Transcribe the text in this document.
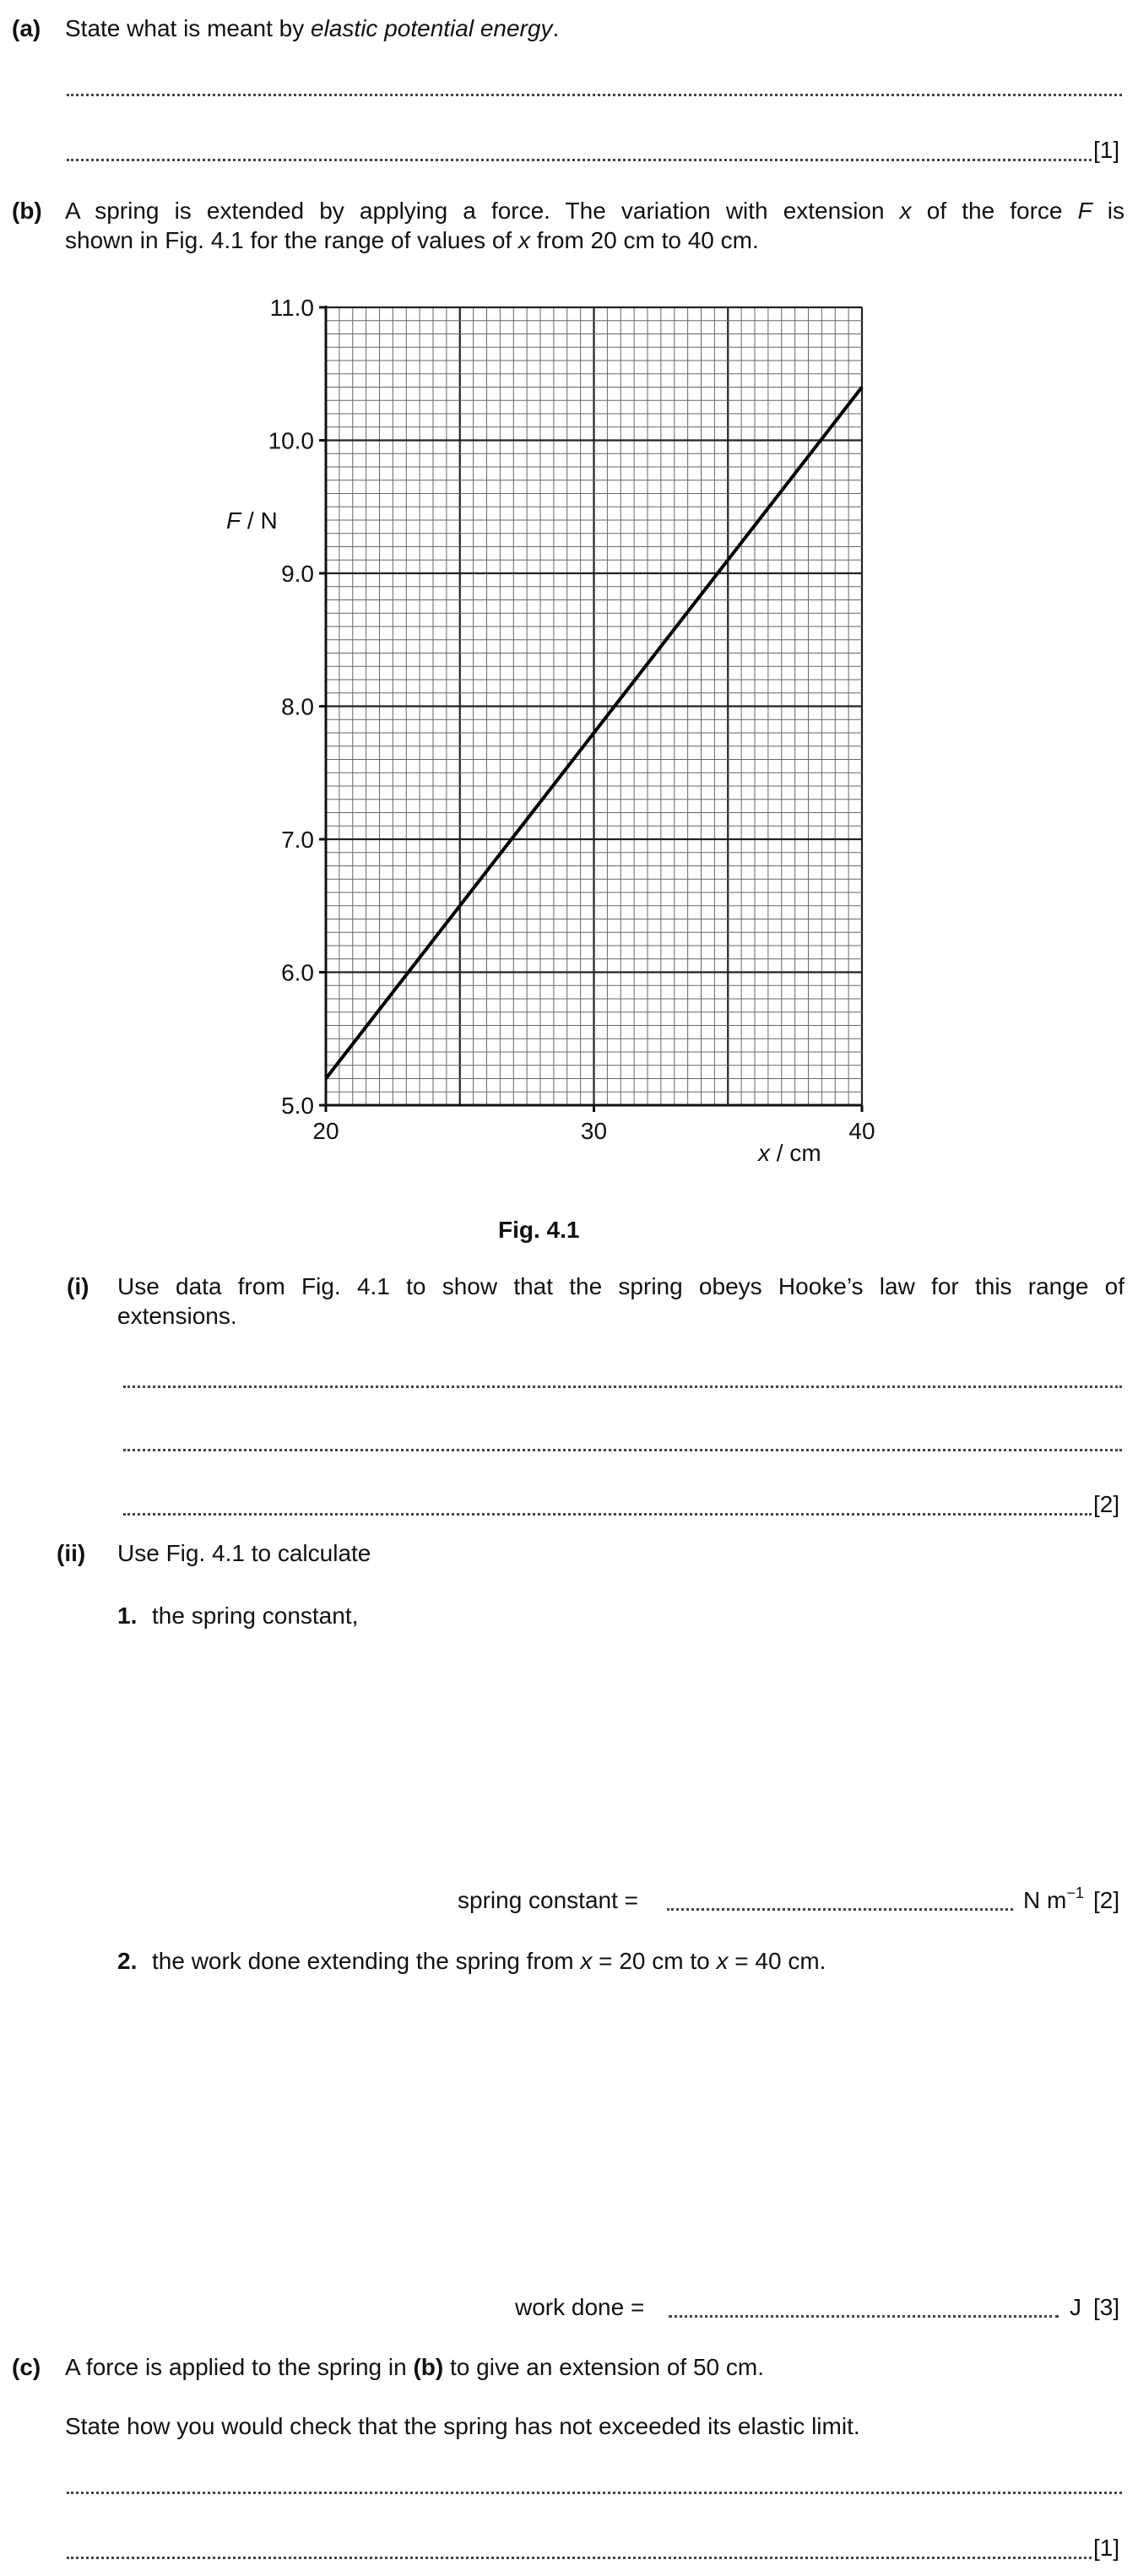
(a) State what is meant by elastic potential energy.
[1]
(b) A spring is extended by applying a force. The variation with extension x of the force F is
shown in Fig. 4.1 for the range of values of x from 20 cm to 40 cm.
5.0
6.0
7.0
8.0
9.0
10.0
11.0
20	30	40
F / N
x / cm
Fig. 4.1
(i) Use data from Fig. 4.1 to show that the spring obeys Hooke’s law for this range of
extensions.
[2]
(ii) Use Fig. 4.1 to calculate
1. the spring constant,
spring constant =	N $m^{-1}$ [2]
2. the work done extending the spring from x = 20 cm to x = 40 cm.
work done =	J [3]
(c) A force is applied to the spring in (b) to give an extension of 50 cm.
State how you would check that the spring has not exceeded its elastic limit.
[1]
